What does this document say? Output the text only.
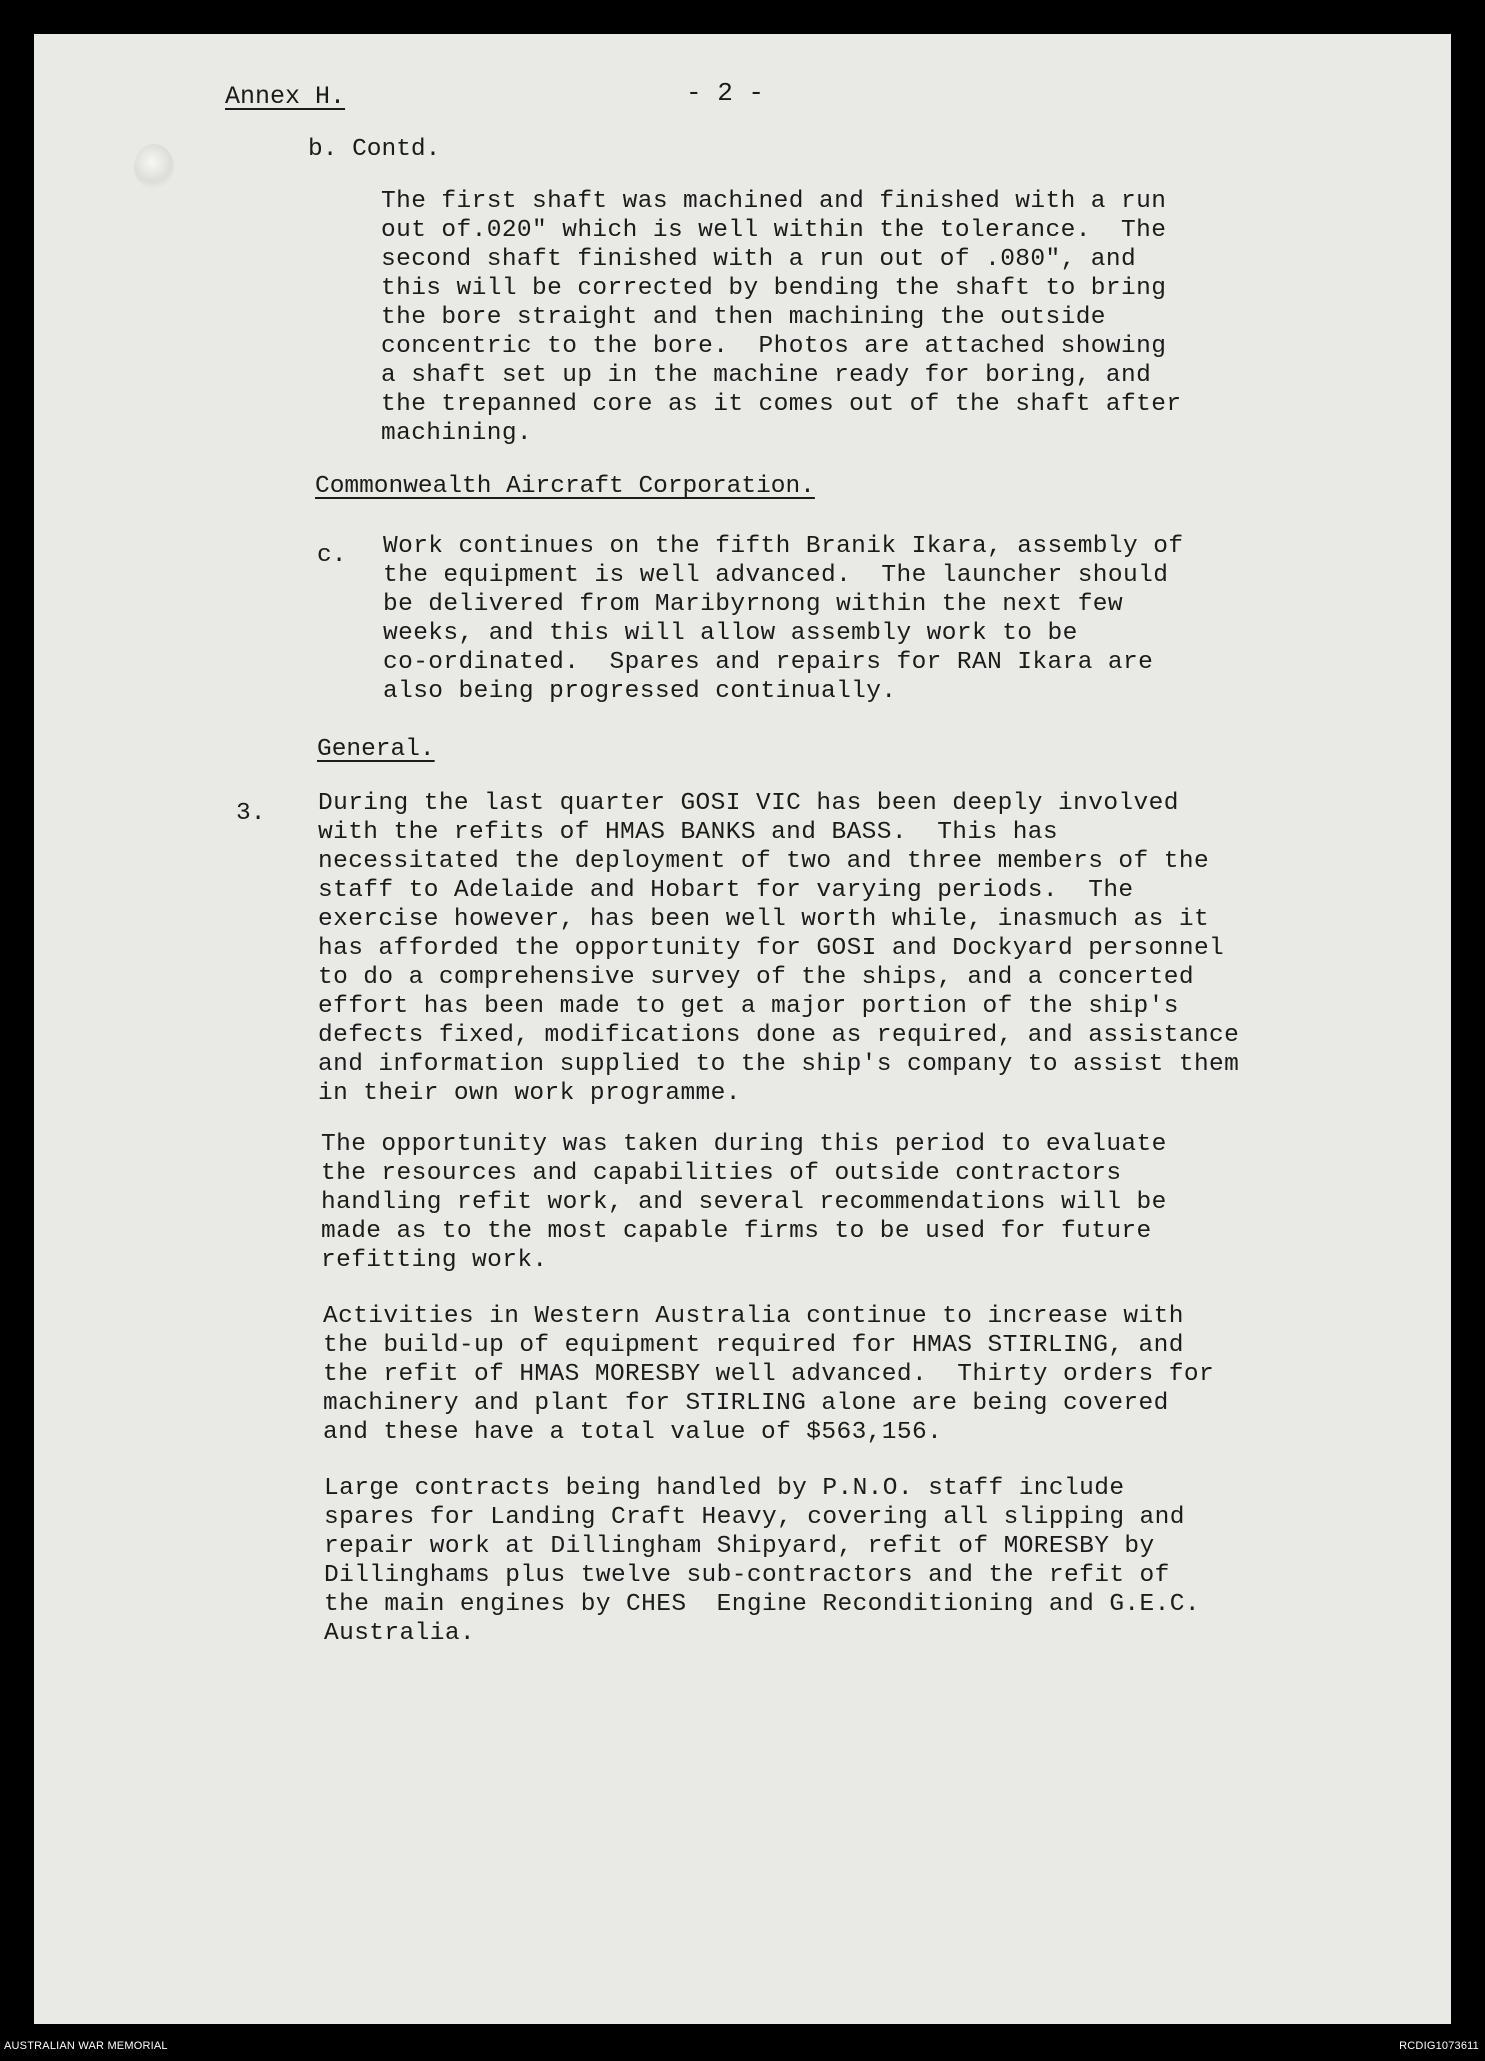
Annex H.	- 2 -
b. Contd.
The first shaft was machined and finished with a run
out of.020" which is well within the tolerance.  The
second shaft finished with a run out of .080", and
this will be corrected by bending the shaft to bring
the bore straight and then machining the outside
concentric to the bore.  Photos are attached showing
a shaft set up in the machine ready for boring, and
the trepanned core as it comes out of the shaft after
machining.
Commonwealth Aircraft Corporation.
c. Work continues on the fifth Branik Ikara, assembly of
the equipment is well advanced.  The launcher should
be delivered from Maribyrnong within the next few
weeks, and this will allow assembly work to be
co-ordinated.  Spares and repairs for RAN Ikara are
also being progressed continually.
General.
3. During the last quarter GOSI VIC has been deeply involved
with the refits of HMAS BANKS and BASS.  This has
necessitated the deployment of two and three members of the
staff to Adelaide and Hobart for varying periods.  The
exercise however, has been well worth while, inasmuch as it
has afforded the opportunity for GOSI and Dockyard personnel
to do a comprehensive survey of the ships, and a concerted
effort has been made to get a major portion of the ship's
defects fixed, modifications done as required, and assistance
and information supplied to the ship's company to assist them
in their own work programme.
The opportunity was taken during this period to evaluate
the resources and capabilities of outside contractors
handling refit work, and several recommendations will be
made as to the most capable firms to be used for future
refitting work.
Activities in Western Australia continue to increase with
the build-up of equipment required for HMAS STIRLING, and
the refit of HMAS MORESBY well advanced.  Thirty orders for
machinery and plant for STIRLING alone are being covered
and these have a total value of $563,156.
Large contracts being handled by P.N.O. staff include
spares for Landing Craft Heavy, covering all slipping and
repair work at Dillingham Shipyard, refit of MORESBY by
Dillinghams plus twelve sub-contractors and the refit of
the main engines by CHES  Engine Reconditioning and G.E.C.
Australia.
AUSTRALIAN WAR MEMORIAL	RCDIG1073611
